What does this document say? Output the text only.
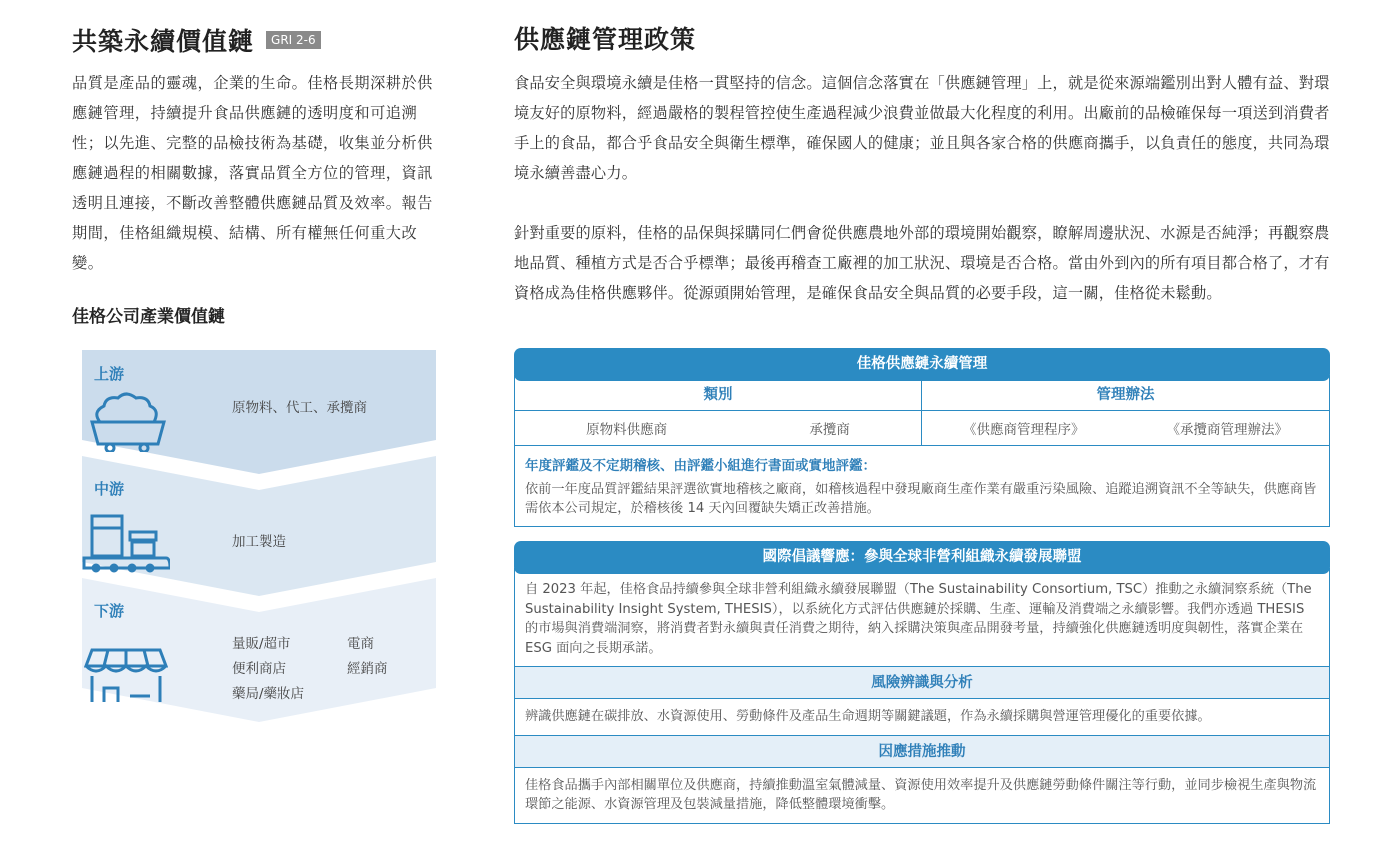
共築永續價值鏈	GRI 2-6

品質是產品的靈魂，企業的生命。佳格長期深耕於供應鏈管理，持續提升食品供應鏈的透明度和可追溯性；以先進、完整的品檢技術為基礎，收集並分析供應鏈過程的相關數據，落實品質全方位的管理，資訊透明且連接，不斷改善整體供應鏈品質及效率。報告期間，佳格組織規模、結構、所有權無任何重大改變。

佳格公司產業價值鏈
上游
原物料、代工、承攬商
中游
加工製造
下游
量販/超市	電商
便利商店	經銷商
藥局/藥妝店
供應鏈管理政策

食品安全與環境永續是佳格一貫堅持的信念。這個信念落實在「供應鏈管理」上，就是從來源端鑑別出對人體有益、對環境友好的原物料，經過嚴格的製程管控使生產過程減少浪費並做最大化程度的利用。出廠前的品檢確保每一項送到消費者手上的食品，都合乎食品安全與衛生標準，確保國人的健康；並且與各家合格的供應商攜手，以負責任的態度，共同為環境永續善盡心力。

針對重要的原料，佳格的品保與採購同仁們會從供應農地外部的環境開始觀察，瞭解周邊狀況、水源是否純淨；再觀察農地品質、種植方式是否合乎標準；最後再稽查工廠裡的加工狀況、環境是否合格。當由外到內的所有項目都合格了，才有資格成為佳格供應夥伴。從源頭開始管理，是確保食品安全與品質的必要手段，這一關，佳格從未鬆動。

佳格供應鏈永續管理
類別	管理辦法
原物料供應商	承攬商	《供應商管理程序》	《承攬商管理辦法》
年度評鑑及不定期稽核、由評鑑小組進行書面或實地評鑑：
依前一年度品質評鑑結果評選欲實地稽核之廠商，如稽核過程中發現廠商生產作業有嚴重污染風險、追蹤追溯資訊不全等缺失，供應商皆需依本公司規定，於稽核後 14 天內回覆缺失矯正改善措施。
國際倡議響應：參與全球非營利組織永續發展聯盟
自 2023 年起，佳格食品持續參與全球非營利組織永續發展聯盟（The Sustainability Consortium, TSC）推動之永續洞察系統（The Sustainability Insight System, THESIS），以系統化方式評估供應鏈於採購、生產、運輸及消費端之永續影響。我們亦透過 THESIS 的市場與消費端洞察，將消費者對永續與責任消費之期待，納入採購決策與產品開發考量，持續強化供應鏈透明度與韌性，落實企業在 ESG 面向之長期承諾。
風險辨識與分析
辨識供應鏈在碳排放、水資源使用、勞動條件及產品生命週期等關鍵議題，作為永續採購與營運管理優化的重要依據。
因應措施推動
佳格食品攜手內部相關單位及供應商，持續推動溫室氣體減量、資源使用效率提升及供應鏈勞動條件關注等行動，並同步檢視生產與物流環節之能源、水資源管理及包裝減量措施，降低整體環境衝擊。
